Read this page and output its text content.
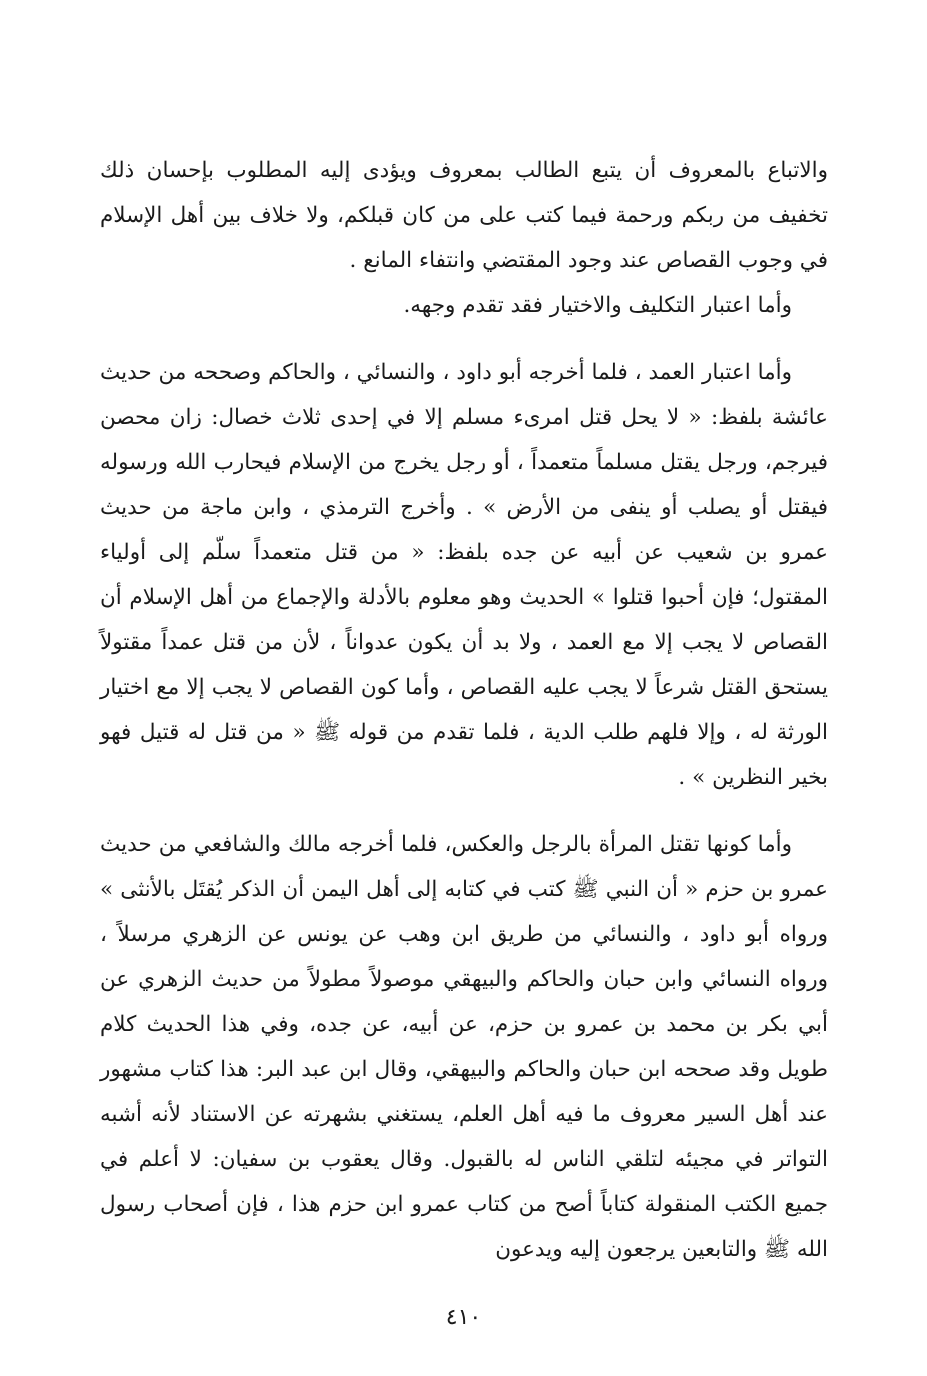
والاتباع بالمعروف أن يتبع الطالب بمعروف ويؤدى إليه المطلوب بإحسان ذلك تخفيف من ربكم ورحمة فيما كتب على من كان قبلكم، ولا خلاف بين أهل الإسلام في وجوب القصاص عند وجود المقتضي وانتفاء المانع .

وأما اعتبار التكليف والاختيار فقد تقدم وجهه.

وأما اعتبار العمد ، فلما أخرجه أبو داود ، والنسائي ، والحاكم وصححه من حديث عائشة بلفظ: « لا يحل قتل امرىء مسلم إلا في إحدى ثلاث خصال: زان محصن فيرجم، ورجل يقتل مسلماً متعمداً ، أو رجل يخرج من الإسلام فيحارب الله ورسوله فيقتل أو يصلب أو ينفى من الأرض » . وأخرج الترمذي ، وابن ماجة من حديث عمرو بن شعيب عن أبيه عن جده بلفظ: « من قتل متعمداً سلّم إلى أولياء المقتول؛ فإن أحبوا قتلوا » الحديث وهو معلوم بالأدلة والإجماع من أهل الإسلام أن القصاص لا يجب إلا مع العمد ، ولا بد أن يكون عدواناً ، لأن من قتل عمداً مقتولاً يستحق القتل شرعاً لا يجب عليه القصاص ، وأما كون القصاص لا يجب إلا مع اختيار الورثة له ، وإلا فلهم طلب الدية ، فلما تقدم من قوله ﷺ « من قتل له قتيل فهو بخير النظرين » .

وأما كونها تقتل المرأة بالرجل والعكس، فلما أخرجه مالك والشافعي من حديث عمرو بن حزم « أن النبي ﷺ كتب في كتابه إلى أهل اليمن أن الذكر يُقتَل بالأنثى » ورواه أبو داود ، والنسائي من طريق ابن وهب عن يونس عن الزهري مرسلاً ، ورواه النسائي وابن حبان والحاكم والبيهقي موصولاً مطولاً من حديث الزهري عن أبي بكر بن محمد بن عمرو بن حزم، عن أبيه، عن جده، وفي هذا الحديث كلام طويل وقد صححه ابن حبان والحاكم والبيهقي، وقال ابن عبد البر: هذا كتاب مشهور عند أهل السير معروف ما فيه أهل العلم، يستغني بشهرته عن الاستناد لأنه أشبه التواتر في مجيئه لتلقي الناس له بالقبول. وقال يعقوب بن سفيان: لا أعلم في جميع الكتب المنقولة كتاباً أصح من كتاب عمرو ابن حزم هذا ، فإن أصحاب رسول الله ﷺ والتابعين يرجعون إليه ويدعون

٤١٠
